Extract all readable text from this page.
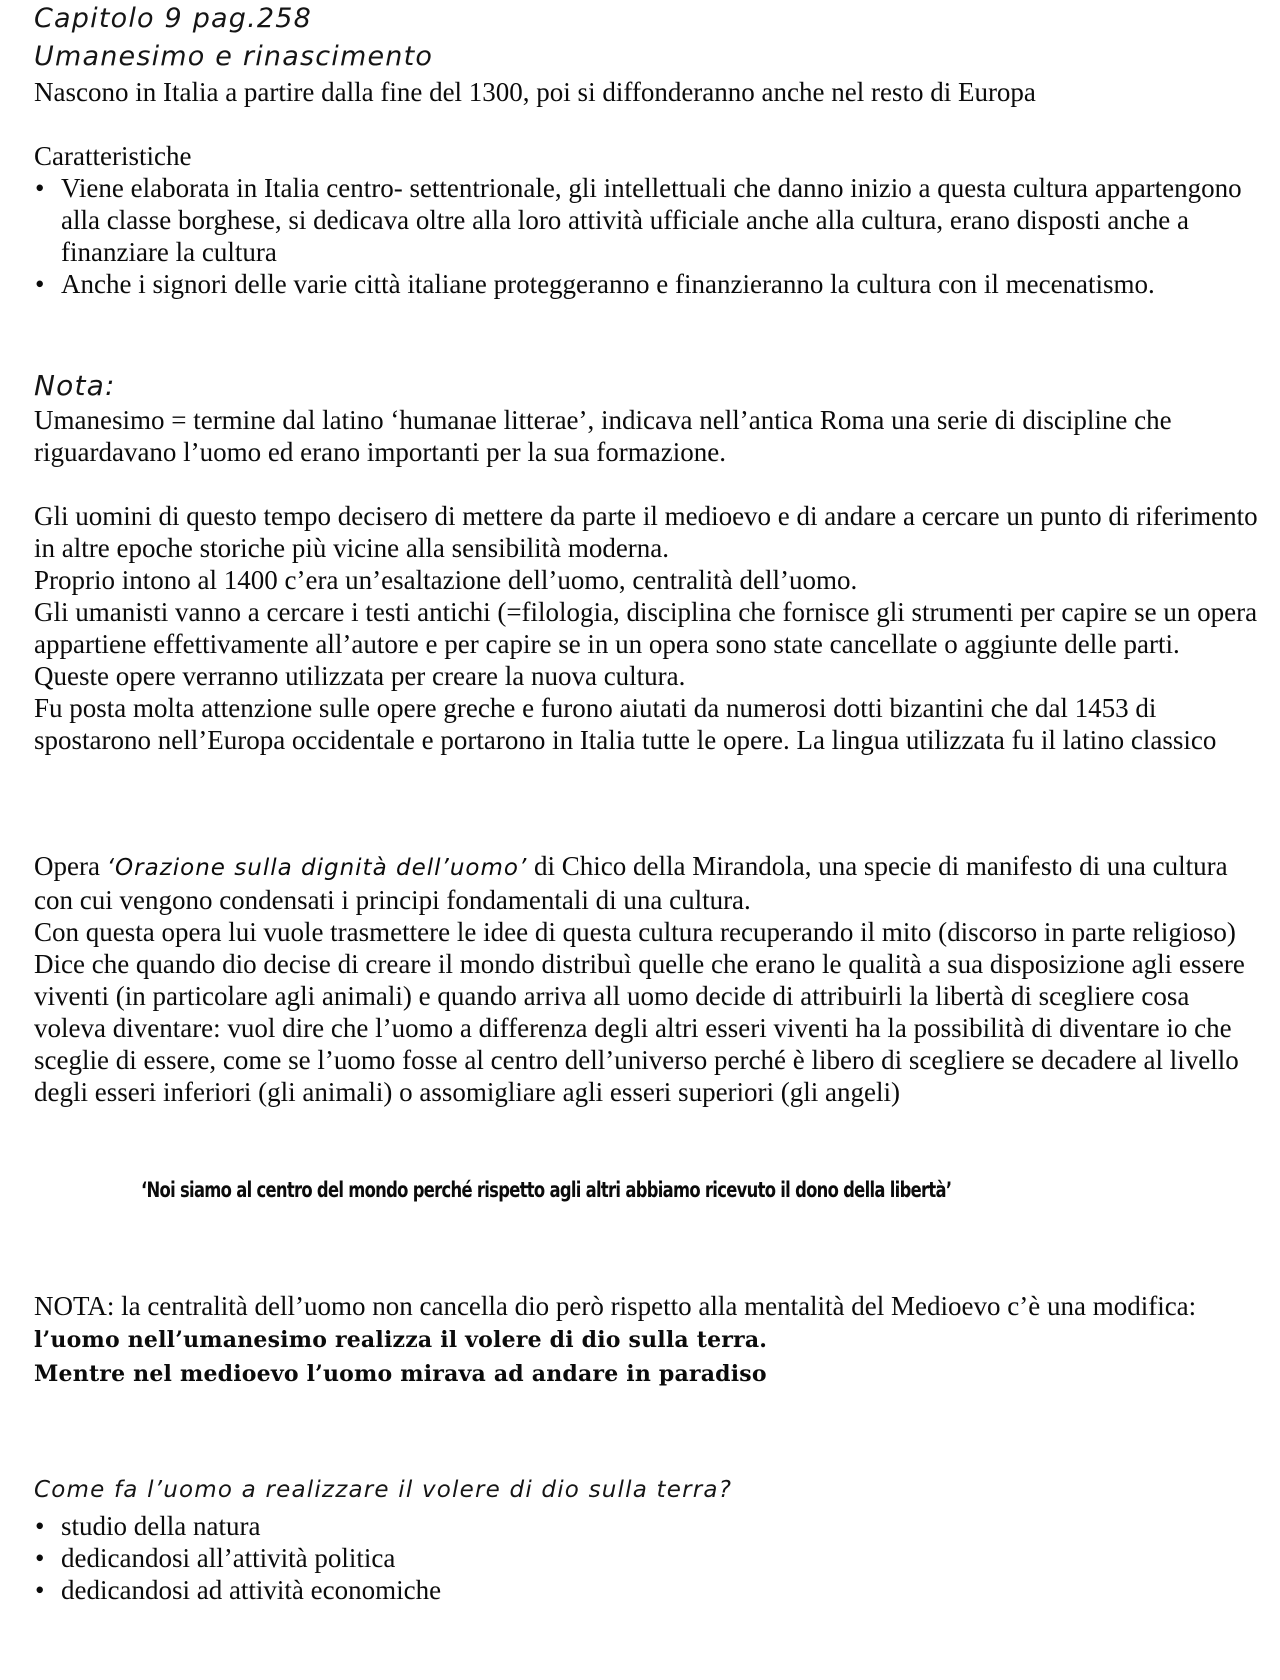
Capitolo 9 pag.258
Umanesimo e rinascimento

Nascono in Italia a partire dalla fine del 1300, poi si diffonderanno anche nel resto di Europa

Caratteristiche

• Viene elaborata in Italia centro- settentrionale, gli intellettuali che danno inizio a questa cultura appartengono alla classe borghese, si dedicava oltre alla loro attività ufficiale anche alla cultura, erano disposti anche a finanziare la cultura
• Anche i signori delle varie città italiane proteggeranno e finanzieranno la cultura con il mecenatismo.
Nota:

Umanesimo = termine dal latino ‘humanae litterae’, indicava nell’antica Roma una serie di discipline che riguardavano l’uomo ed erano importanti per la sua formazione.

Gli uomini di questo tempo decisero di mettere da parte il medioevo e di andare a cercare un punto di riferimento in altre epoche storiche più vicine alla sensibilità moderna.

Proprio intono al 1400 c’era un’esaltazione dell’uomo, centralità dell’uomo.

Gli umanisti vanno a cercare i testi antichi (=filologia, disciplina che fornisce gli strumenti per capire se un opera appartiene effettivamente all’autore e per capire se in un opera sono state cancellate o aggiunte delle parti.

Queste opere verranno utilizzata per creare la nuova cultura.

Fu posta molta attenzione sulle opere greche e furono aiutati da numerosi dotti bizantini che dal 1453 di spostarono nell’Europa occidentale e portarono in Italia tutte le opere. La lingua utilizzata fu il latino classico

Opera ‘Orazione sulla dignità dell’uomo’ di Chico della Mirandola, una specie di manifesto di una cultura con cui vengono condensati i principi fondamentali di una cultura.

Con questa opera lui vuole trasmettere le idee di questa cultura recuperando il mito (discorso in parte religioso)

Dice che quando dio decise di creare il mondo distribuì quelle che erano le qualità a sua disposizione agli essere viventi (in particolare agli animali) e quando arriva all uomo decide di attribuirli la libertà di scegliere cosa voleva diventare: vuol dire che l’uomo a differenza degli altri esseri viventi ha la possibilità di diventare io che sceglie di essere, come se l’uomo fosse al centro dell’universo perché è libero di scegliere se decadere al livello degli esseri inferiori (gli animali) o assomigliare agli esseri superiori (gli angeli)

‘Noi siamo al centro del mondo perché rispetto agli altri abbiamo ricevuto il dono della libertà’

NOTA: la centralità dell’uomo non cancella dio però rispetto alla mentalità del Medioevo c’è una modifica: l’uomo nell’umanesimo realizza il volere di dio sulla terra.
Mentre nel medioevo l’uomo mirava ad andare in paradiso
Come fa l’uomo a realizzare il volere di dio sulla terra?
• studio della natura
• dedicandosi all’attività politica
• dedicandosi ad attività economiche
